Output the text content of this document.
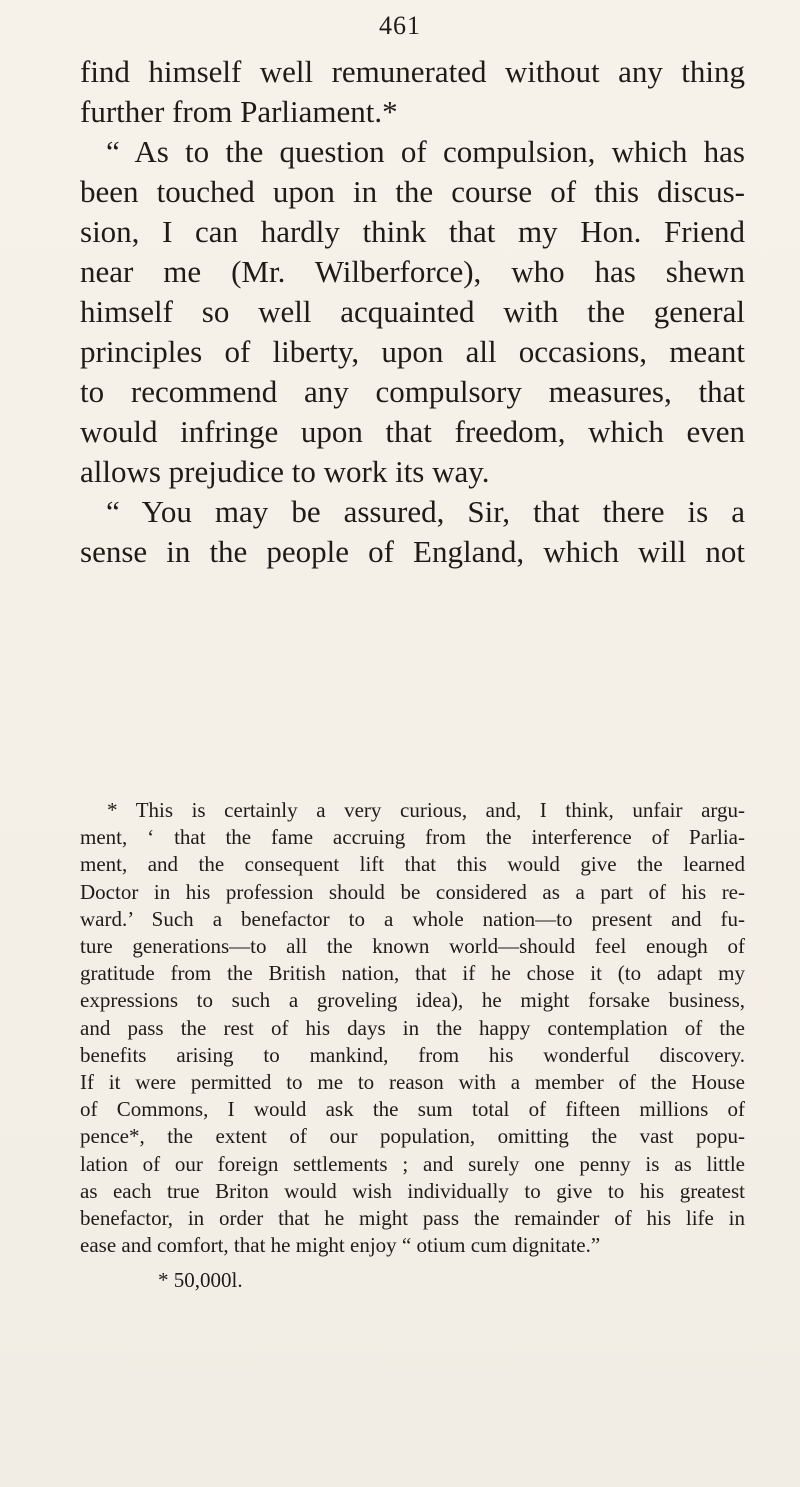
461
find himself well remunerated without any thing
further from Parliament.*
“ As to the question of compulsion, which has
been touched upon in the course of this discus-
sion, I can hardly think that my Hon. Friend
near me (Mr. Wilberforce), who has shewn
himself so well acquainted with the general
principles of liberty, upon all occasions, meant
to recommend any compulsory measures, that
would infringe upon that freedom, which even
allows prejudice to work its way.
“ You may be assured, Sir, that there is a
sense in the people of England, which will not
* This is certainly a very curious, and, I think, unfair argu-
ment, ‘ that the fame accruing from the interference of Parlia-
ment, and the consequent lift that this would give the learned
Doctor in his profession should be considered as a part of his re-
ward.’ Such a benefactor to a whole nation—to present and fu-
ture generations—to all the known world—should feel enough of
gratitude from the British nation, that if he chose it (to adapt my
expressions to such a groveling idea), he might forsake business,
and pass the rest of his days in the happy contemplation of the
benefits arising to mankind, from his wonderful discovery.
If it were permitted to me to reason with a member of the House
of Commons, I would ask the sum total of fifteen millions of
pence*, the extent of our population, omitting the vast popu-
lation of our foreign settlements ; and surely one penny is as little
as each true Briton would wish individually to give to his greatest
benefactor, in order that he might pass the remainder of his life in
ease and comfort, that he might enjoy “ otium cum dignitate.”
* 50,000l.
